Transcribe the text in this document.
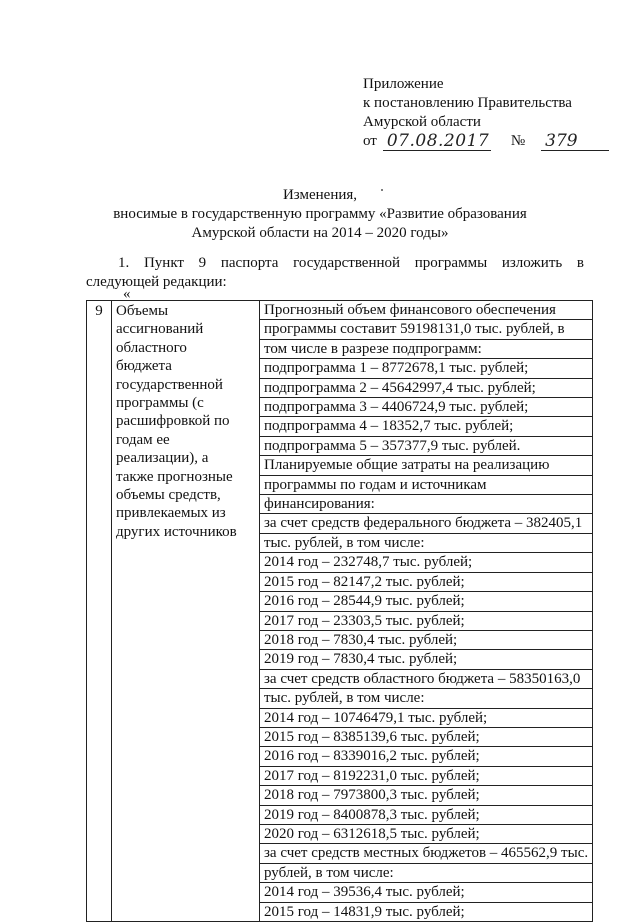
Приложение
к постановлению Правительства
Амурской области
от 07.08.2017 № 379
Изменения,
вносимые в государственную программу «Развитие образования
Амурской области на 2014 – 2020 годы»
1. Пункт 9 паспорта государственной программы изложить в
следующей редакции:
«
9	Объемы
ассигнований
областного
бюджета
государственной
программы (с
расшифровкой по
годам ее
реализации), а
также прогнозные
объемы средств,
привлекаемых из
других источников

Прогнозный объем финансового обеспечения
программы составит 59198131,0 тыс. рублей, в
том числе в разрезе подпрограмм:
подпрограмма 1 – 8772678,1 тыс. рублей;
подпрограмма 2 – 45642997,4 тыс. рублей;
подпрограмма 3 – 4406724,9 тыс. рублей;
подпрограмма 4 – 18352,7 тыс. рублей;
подпрограмма 5 – 357377,9 тыс. рублей.
Планируемые общие затраты на реализацию
программы по годам и источникам
финансирования:
за счет средств федерального бюджета – 382405,1
тыс. рублей, в том числе:
2014 год – 232748,7 тыс. рублей;
2015 год – 82147,2 тыс. рублей;
2016 год – 28544,9 тыс. рублей;
2017 год – 23303,5 тыс. рублей;
2018 год – 7830,4 тыс. рублей;
2019 год – 7830,4 тыс. рублей;
за счет средств областного бюджета – 58350163,0
тыс. рублей, в том числе:
2014 год – 10746479,1 тыс. рублей;
2015 год – 8385139,6 тыс. рублей;
2016 год – 8339016,2 тыс. рублей;
2017 год – 8192231,0 тыс. рублей;
2018 год – 7973800,3 тыс. рублей;
2019 год – 8400878,3 тыс. рублей;
2020 год – 6312618,5 тыс. рублей;
за счет средств местных бюджетов – 465562,9 тыс.
рублей, в том числе:
2014 год – 39536,4 тыс. рублей;
2015 год – 14831,9 тыс. рублей;
